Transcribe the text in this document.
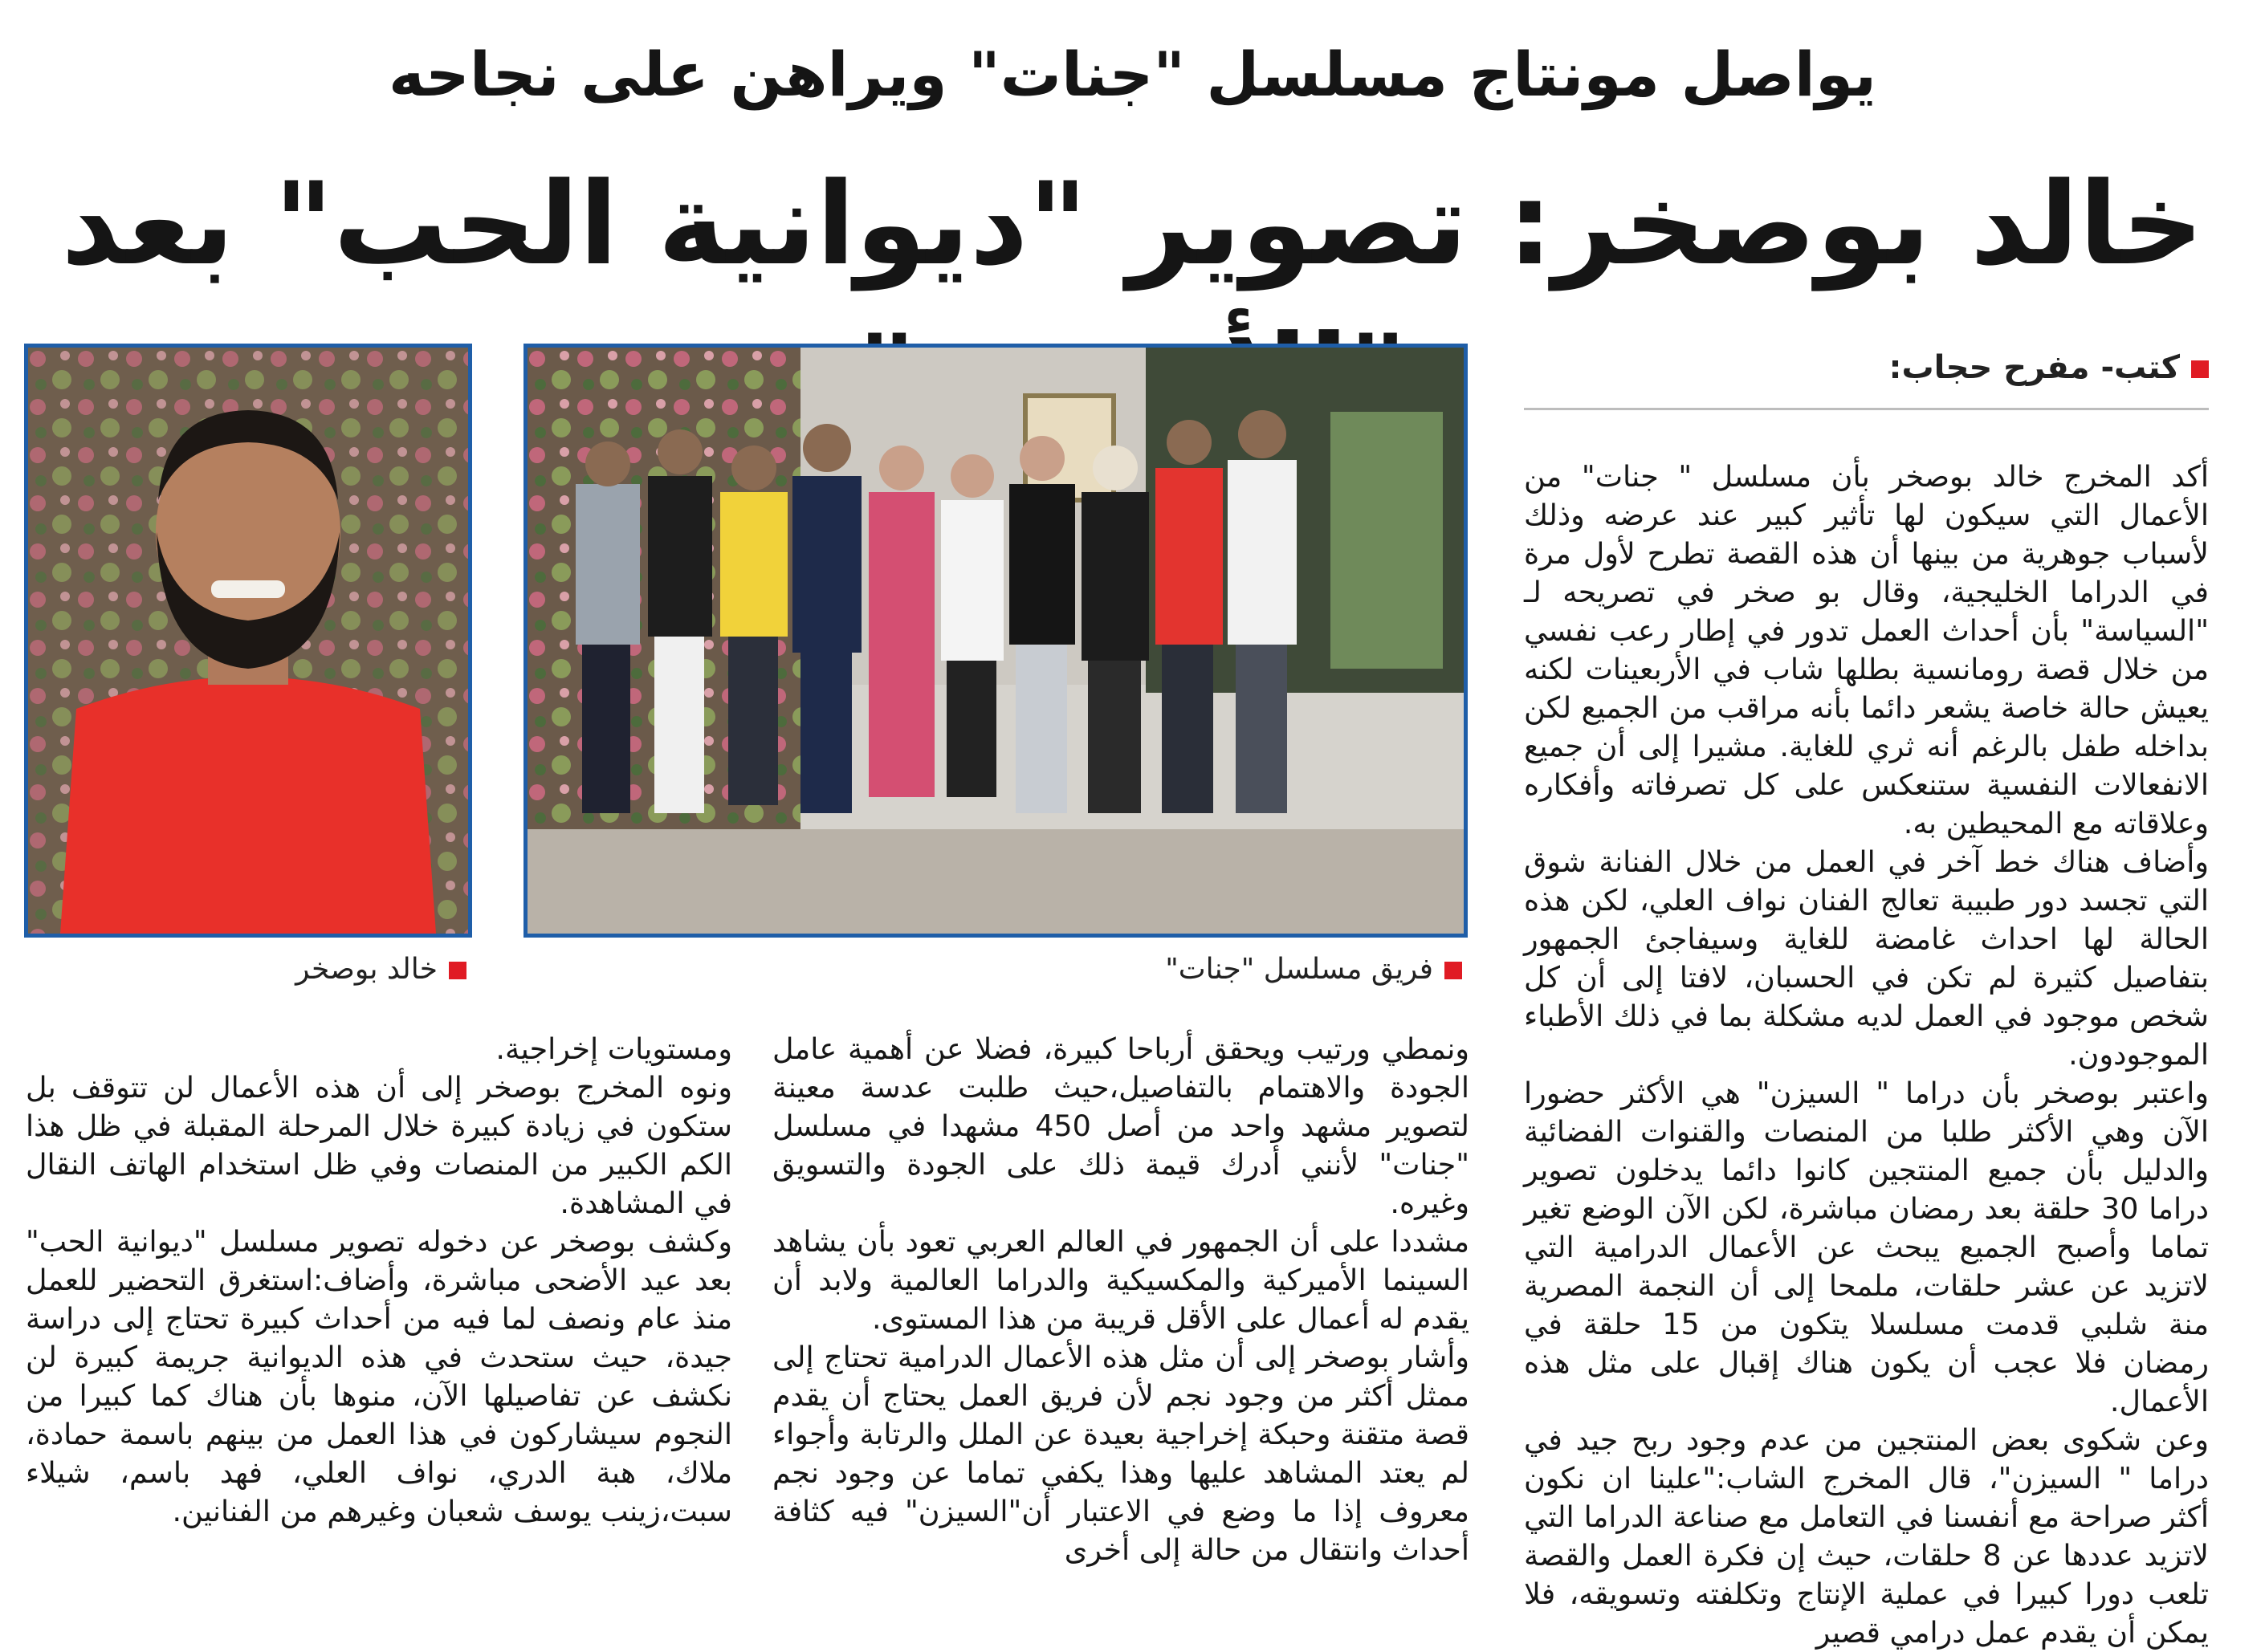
يواصل مونتاج مسلسل "جنات" ويراهن على نجاحه
خالد بوصخر: تصوير "ديوانية الحب" بعد
فريق مسلسل "جنات"
خالد بوصخر
كتب- مفرح حجاب:

أكد المخرج خالد بوصخر بأن مسلسل " جنات" من الأعمال التي سيكون لها تأثير كبير عند عرضه وذلك لأسباب جوهرية من بينها أن هذه القصة تطرح لأول مرة في الدراما الخليجية، وقال بو صخر في تصريحه لـ "السياسة" بأن أحداث العمل تدور في إطار رعب نفسي من خلال قصة رومانسية بطلها شاب في الأربعينات لكنه يعيش حالة خاصة يشعر دائما بأنه مراقب من الجميع لكن بداخله طفل بالرغم أنه ثري للغاية. مشيرا إلى أن جميع الانفعالات النفسية ستنعكس على كل تصرفاته وأفكاره وعلاقاته مع المحيطين به.

وأضاف هناك خط آخر في العمل من خلال الفنانة شوق التي تجسد دور طبيبة تعالج الفنان نواف العلي، لكن هذه الحالة لها احداث غامضة للغاية وسيفاجئ الجمهور بتفاصيل كثيرة لم تكن في الحسبان، لافتا إلى أن كل شخص موجود في العمل لديه مشكلة بما في ذلك الأطباء الموجودون.

واعتبر بوصخر بأن دراما " السيزن" هي الأكثر حضورا الآن وهي الأكثر طلبا من المنصات والقنوات الفضائية والدليل بأن جميع المنتجين كانوا دائما يدخلون تصوير دراما 30 حلقة بعد رمضان مباشرة، لكن الآن الوضع تغير تماما وأصبح الجميع يبحث عن الأعمال الدرامية التي لاتزيد عن عشر حلقات، ملمحا إلى أن النجمة المصرية منة شلبي قدمت مسلسلا يتكون من 15 حلقة في رمضان فلا عجب أن يكون هناك إقبال على مثل هذه الأعمال.

وعن شكوى بعض المنتجين من عدم وجود ربح جيد في دراما " السيزن"، قال المخرج الشاب:"علينا ان نكون أكثر صراحة مع أنفسنا في التعامل مع صناعة الدراما التي لاتزيد عددها عن 8 حلقات، حيث إن فكرة العمل والقصة تلعب دورا كبيرا في عملية الإنتاج وتكلفته وتسويقه، فلا يمكن أن يقدم عمل درامي قصير

ونمطي ورتيب ويحقق أرباحا كبيرة، فضلا عن أهمية عامل الجودة والاهتمام بالتفاصيل،حيث طلبت عدسة معينة لتصوير مشهد واحد من أصل 450 مشهدا في مسلسل "جنات" لأنني أدرك قيمة ذلك على الجودة والتسويق وغيره.

مشددا على أن الجمهور في العالم العربي تعود بأن يشاهد السينما الأميركية والمكسيكية والدراما العالمية ولابد أن يقدم له أعمال على الأقل قريبة من هذا المستوى.

وأشار بوصخر إلى أن مثل هذه الأعمال الدرامية تحتاج إلى ممثل أكثر من وجود نجم لأن فريق العمل يحتاج أن يقدم قصة متقنة وحبكة إخراجية بعيدة عن الملل والرتابة وأجواء لم يعتد المشاهد عليها وهذا يكفي تماما عن وجود نجم معروف إذا ما وضع في الاعتبار أن"السيزن" فيه كثافة أحداث وانتقال من حالة إلى أخرى

ومستويات إخراجية.

ونوه المخرج بوصخر إلى أن هذه الأعمال لن تتوقف بل ستكون في زيادة كبيرة خلال المرحلة المقبلة في ظل هذا الكم الكبير من المنصات وفي ظل استخدام الهاتف النقال في المشاهدة.

وكشف بوصخر عن دخوله تصوير مسلسل "ديوانية الحب" بعد عيد الأضحى مباشرة، وأضاف:استغرق التحضير للعمل منذ عام ونصف لما فيه من أحداث كبيرة تحتاج إلى دراسة جيدة، حيث ستحدث في هذه الديوانية جريمة كبيرة لن نكشف عن تفاصيلها الآن، منوها بأن هناك كما كبيرا من النجوم سيشاركون في هذا العمل من بينهم باسمة حمادة، ملاك، هبة الدري، نواف العلي، فهد باسم، شيلاء سبت،زينب يوسف شعبان وغيرهم من الفنانين.
